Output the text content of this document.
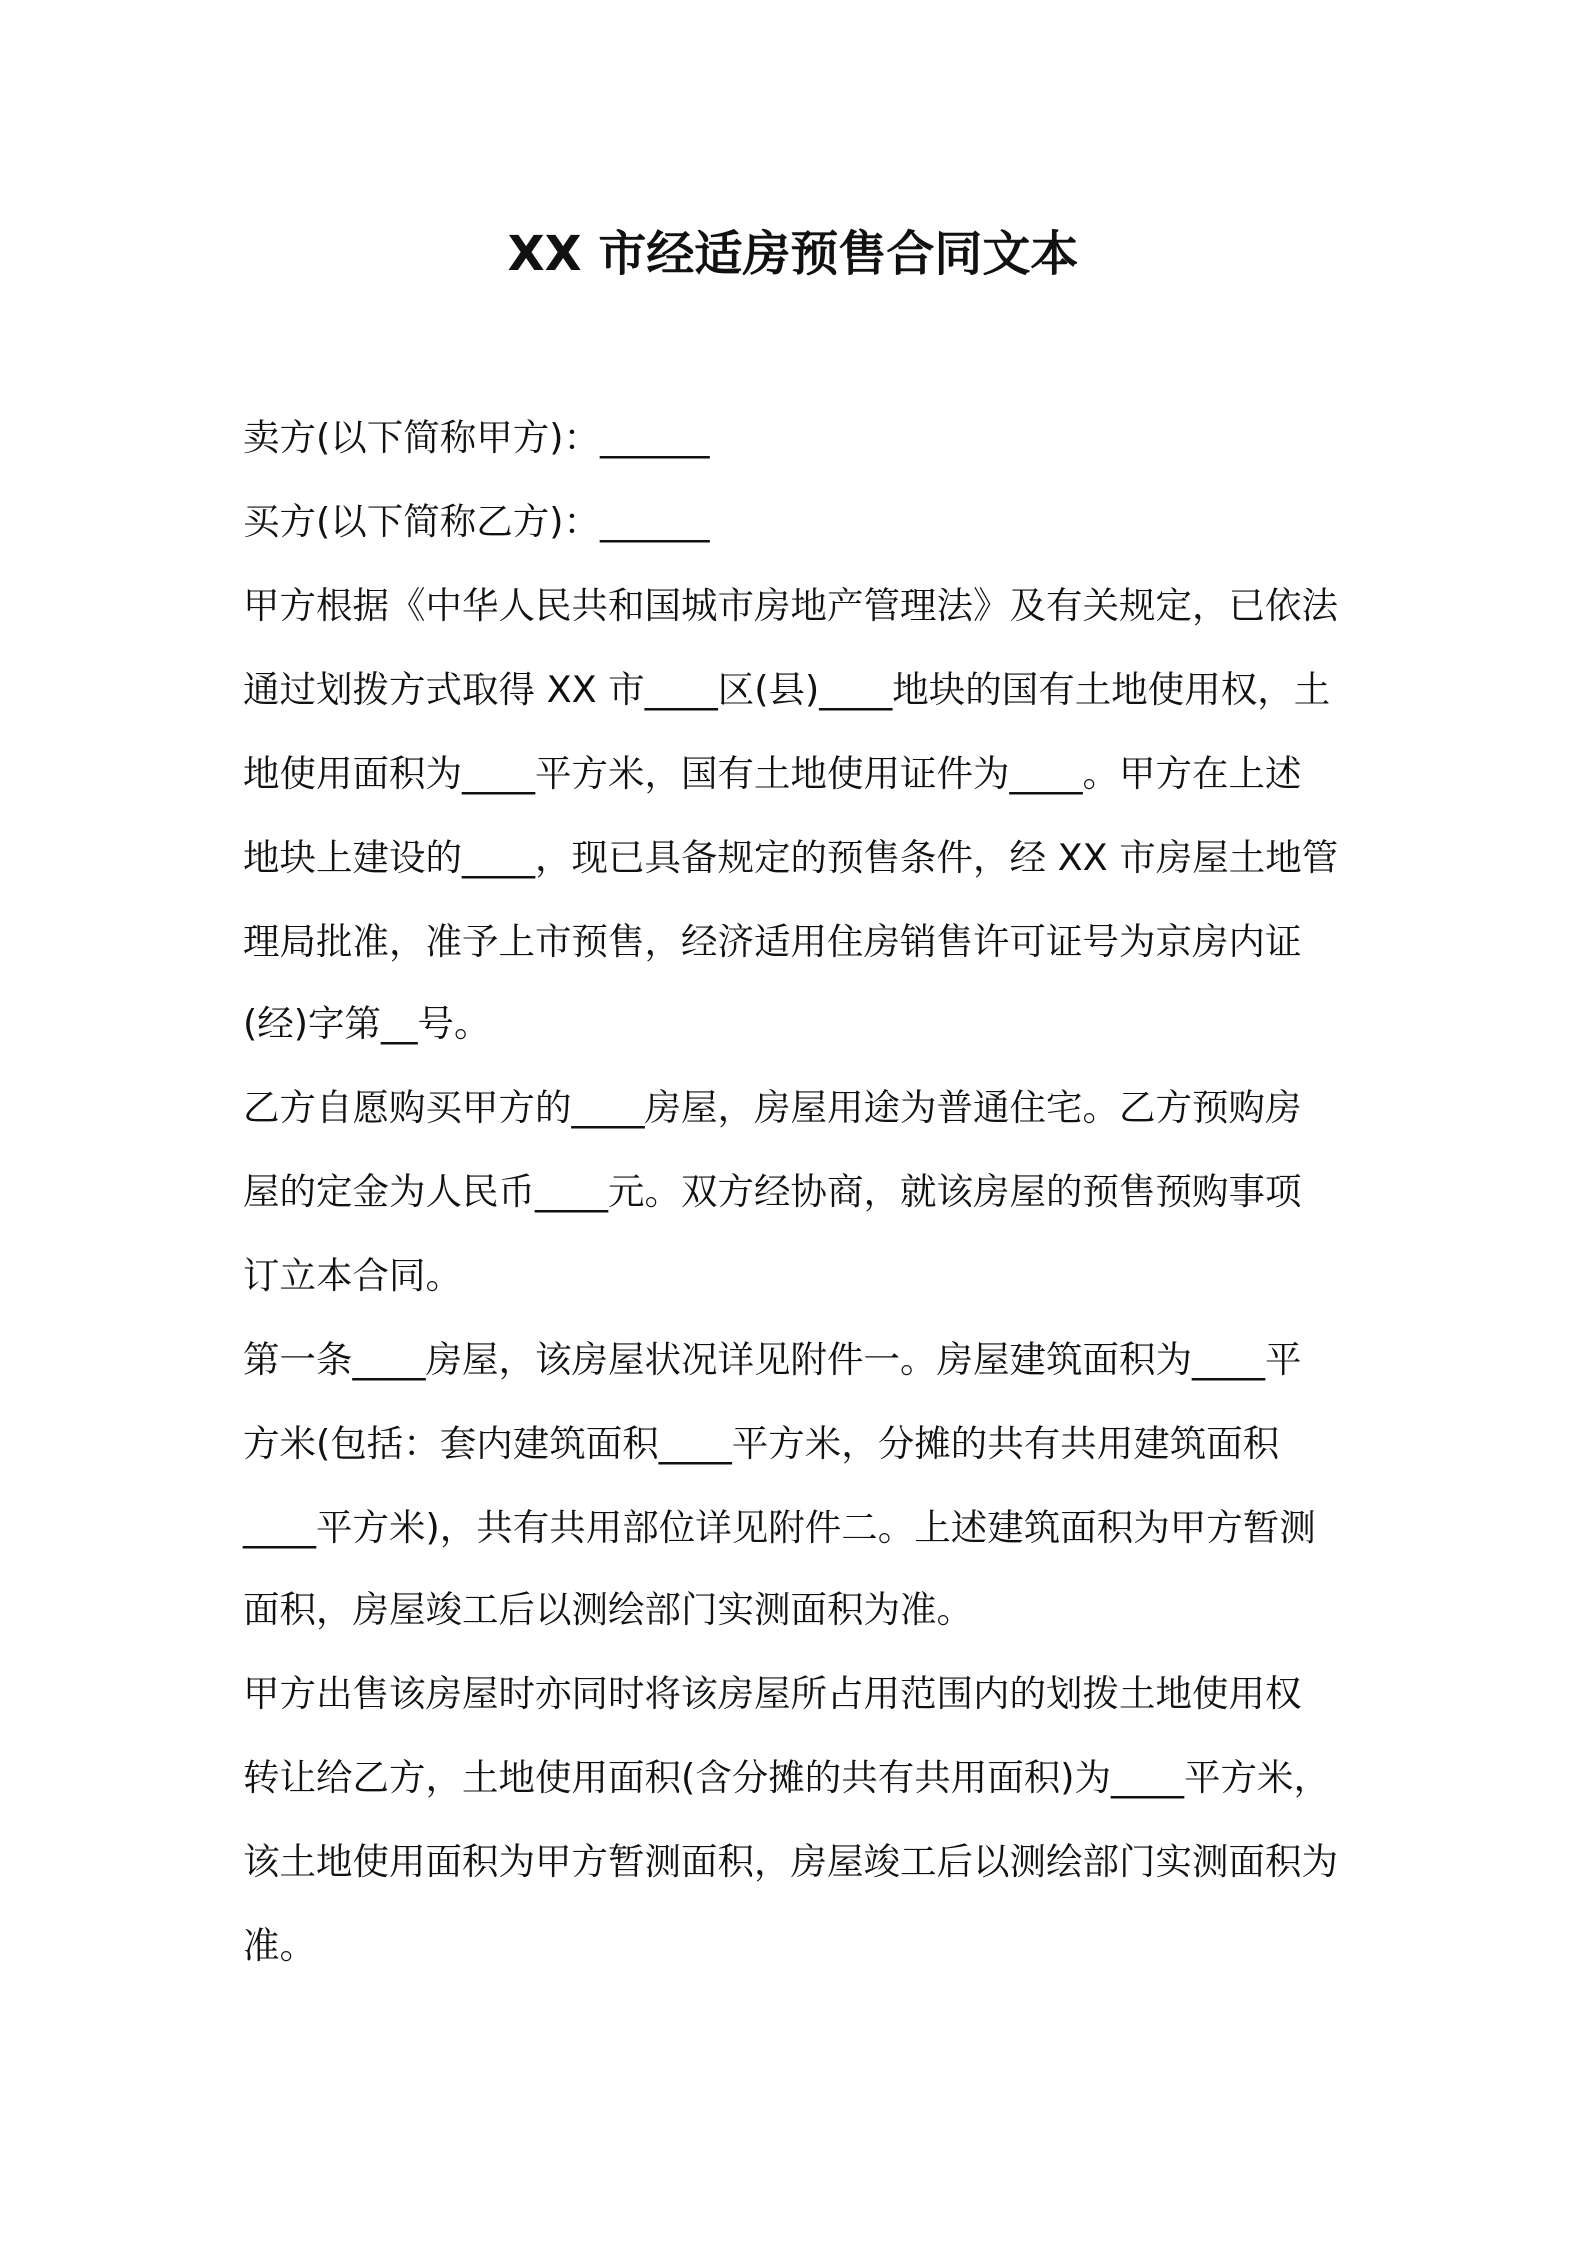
XX 市经适房预售合同文本
卖方(以下简称甲方)：______
买方(以下简称乙方)：______
甲方根据《中华人民共和国城市房地产管理法》及有关规定，已依法
通过划拨方式取得 XX 市____区(县)____地块的国有土地使用权，土
地使用面积为____平方米，国有土地使用证件为____。甲方在上述
地块上建设的____，现已具备规定的预售条件，经 XX 市房屋土地管
理局批准，准予上市预售，经济适用住房销售许可证号为京房内证
(经)字第__号。
乙方自愿购买甲方的____房屋，房屋用途为普通住宅。乙方预购房
屋的定金为人民币____元。双方经协商，就该房屋的预售预购事项
订立本合同。
第一条____房屋，该房屋状况详见附件一。房屋建筑面积为____平
方米(包括：套内建筑面积____平方米，分摊的共有共用建筑面积
____平方米)，共有共用部位详见附件二。上述建筑面积为甲方暂测
面积，房屋竣工后以测绘部门实测面积为准。
甲方出售该房屋时亦同时将该房屋所占用范围内的划拨土地使用权
转让给乙方，土地使用面积(含分摊的共有共用面积)为____平方米，
该土地使用面积为甲方暂测面积，房屋竣工后以测绘部门实测面积为
准。
